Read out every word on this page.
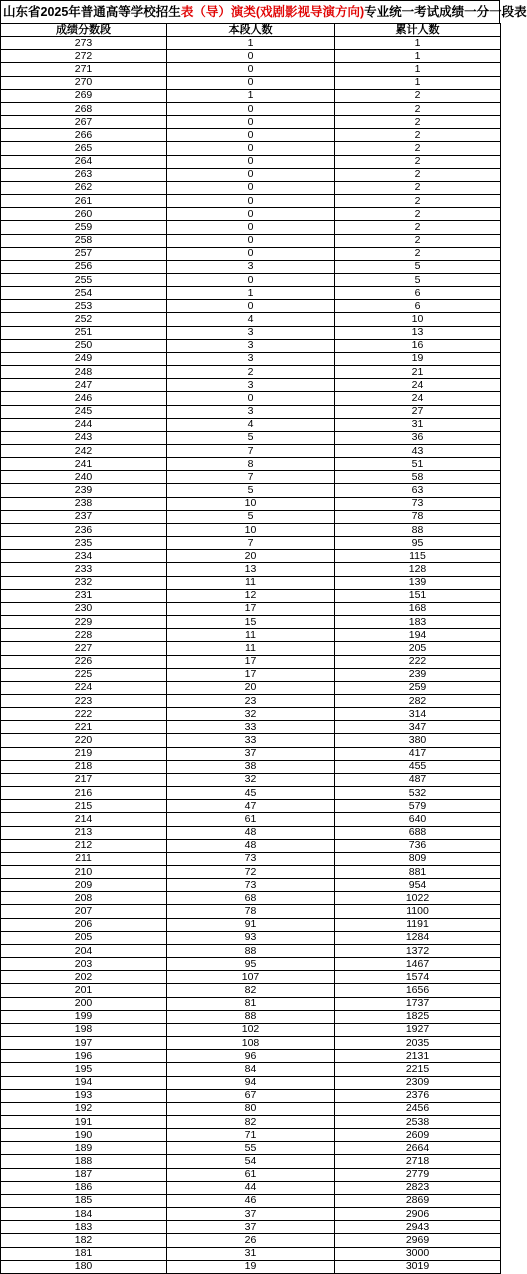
山东省2025年普通高等学校招生表（导）演类(戏剧影视导演方向)专业统一考试成绩一分一段表
成绩分数段	本段人数	累计人数
273	1	1
272	0	1
271	0	1
270	0	1
269	1	2
268	0	2
267	0	2
266	0	2
265	0	2
264	0	2
263	0	2
262	0	2
261	0	2
260	0	2
259	0	2
258	0	2
257	0	2
256	3	5
255	0	5
254	1	6
253	0	6
252	4	10
251	3	13
250	3	16
249	3	19
248	2	21
247	3	24
246	0	24
245	3	27
244	4	31
243	5	36
242	7	43
241	8	51
240	7	58
239	5	63
238	10	73
237	5	78
236	10	88
235	7	95
234	20	115
233	13	128
232	11	139
231	12	151
230	17	168
229	15	183
228	11	194
227	11	205
226	17	222
225	17	239
224	20	259
223	23	282
222	32	314
221	33	347
220	33	380
219	37	417
218	38	455
217	32	487
216	45	532
215	47	579
214	61	640
213	48	688
212	48	736
211	73	809
210	72	881
209	73	954
208	68	1022
207	78	1100
206	91	1191
205	93	1284
204	88	1372
203	95	1467
202	107	1574
201	82	1656
200	81	1737
199	88	1825
198	102	1927
197	108	2035
196	96	2131
195	84	2215
194	94	2309
193	67	2376
192	80	2456
191	82	2538
190	71	2609
189	55	2664
188	54	2718
187	61	2779
186	44	2823
185	46	2869
184	37	2906
183	37	2943
182	26	2969
181	31	3000
180	19	3019
